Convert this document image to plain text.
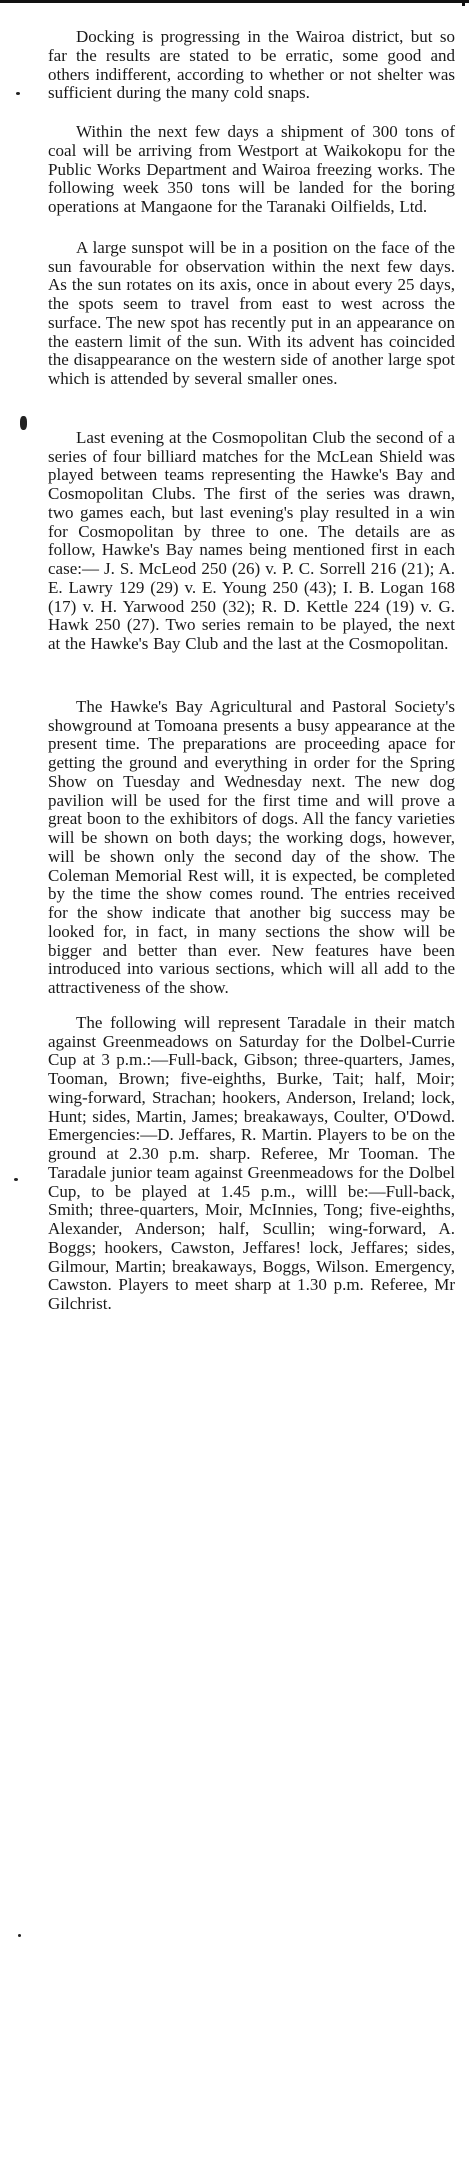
Docking is progressing in the Wairoa district, but so far the results are stated to be erratic, some good and others indifferent, according to whether or not shelter was sufficient during the many cold snaps.

Within the next few days a shipment of 300 tons of coal will be arriving from Westport at Waikokopu for the Public Works Department and Wairoa freezing works. The following week 350 tons will be landed for the boring operations at Mangaone for the Taranaki Oilfields, Ltd.

A large sunspot will be in a position on the face of the sun favourable for observation within the next few days. As the sun rotates on its axis, once in about every 25 days, the spots seem to travel from east to west across the surface. The new spot has recently put in an appearance on the eastern limit of the sun. With its advent has coincided the disappearance on the western side of another large spot which is attended by several smaller ones.

Last evening at the Cosmopolitan Club the second of a series of four billiard matches for the McLean Shield was played between teams representing the Hawke's Bay and Cosmopolitan Clubs. The first of the series was drawn, two games each, but last evening's play resulted in a win for Cosmopolitan by three to one. The details are as follow, Hawke's Bay names being mentioned first in each case:— J. S. McLeod 250 (26) v. P. C. Sorrell 216 (21); A. E. Lawry 129 (29) v. E. Young 250 (43); I. B. Logan 168 (17) v. H. Yarwood 250 (32); R. D. Kettle 224 (19) v. G. Hawk 250 (27). Two series remain to be played, the next at the Hawke's Bay Club and the last at the Cosmopolitan.

The Hawke's Bay Agricultural and Pastoral Society's showground at Tomoana presents a busy appearance at the present time. The preparations are proceeding apace for getting the ground and everything in order for the Spring Show on Tuesday and Wednesday next. The new dog pavilion will be used for the first time and will prove a great boon to the exhibitors of dogs. All the fancy varieties will be shown on both days; the working dogs, however, will be shown only the second day of the show. The Coleman Memorial Rest will, it is expected, be completed by the time the show comes round. The entries received for the show indicate that another big success may be looked for, in fact, in many sections the show will be bigger and better than ever. New features have been introduced into various sections, which will all add to the attractiveness of the show.

The following will represent Taradale in their match against Greenmeadows on Saturday for the Dolbel-Currie Cup at 3 p.m.:—Full-back, Gibson; three-quarters, James, Tooman, Brown; five-eighths, Burke, Tait; half, Moir; wing-forward, Strachan; hookers, Anderson, Ireland; lock, Hunt; sides, Martin, James; breakaways, Coulter, O'Dowd. Emergencies:—D. Jeffares, R. Martin. Players to be on the ground at 2.30 p.m. sharp. Referee, Mr Tooman. The Taradale junior team against Greenmeadows for the Dolbel Cup, to be played at 1.45 p.m., willl be:—Full-back, Smith; three-quarters, Moir, McInnies, Tong; five-eighths, Alexander, Anderson; half, Scullin; wing-forward, A. Boggs; hookers, Cawston, Jeffares! lock, Jeffares; sides, Gilmour, Martin; breakaways, Boggs, Wilson. Emergency, Cawston. Players to meet sharp at 1.30 p.m. Referee, Mr Gilchrist.
